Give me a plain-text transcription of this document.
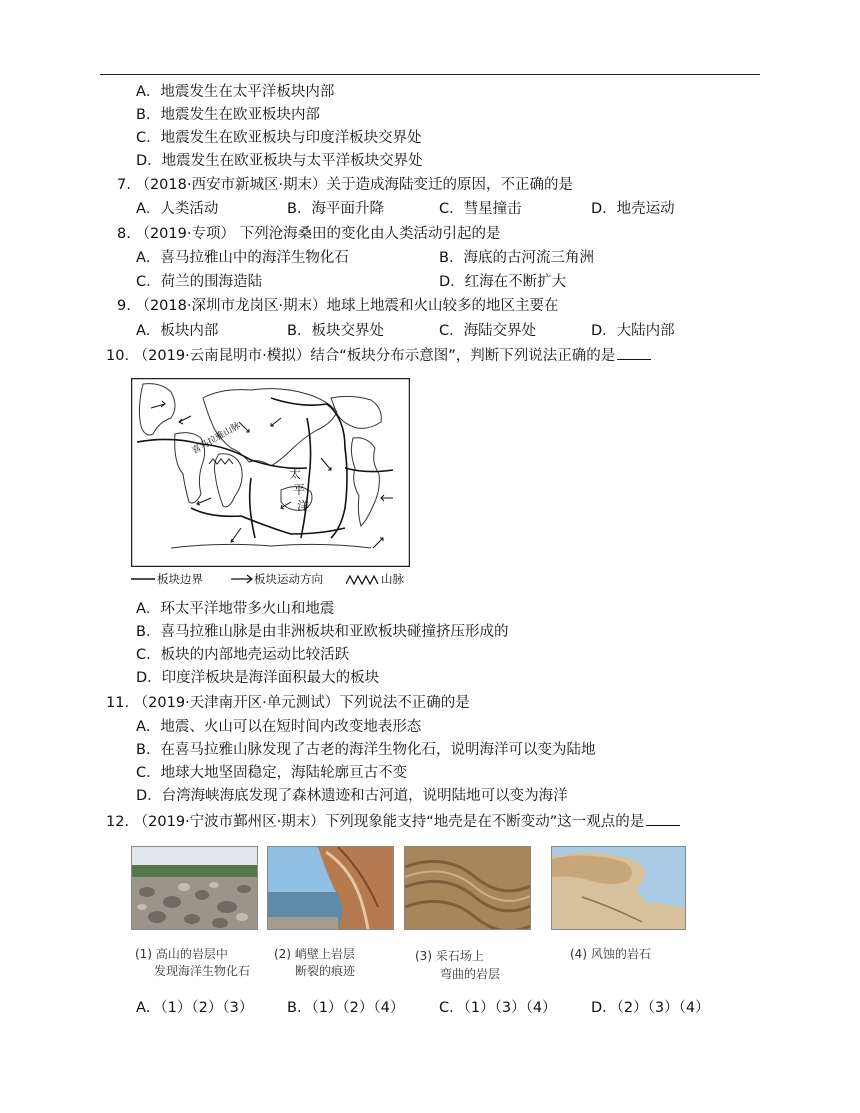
A．地震发生在太平洋板块内部
B．地震发生在欧亚板块内部
C．地震发生在欧亚板块与印度洋板块交界处
D．地震发生在欧亚板块与太平洋板块交界处
7. （2018·西安市新城区·期末）关于造成海陆变迁的原因，不正确的是
A．人类活动	B．海平面升降	C．彗星撞击	D．地壳运动
8. （2019·专项） 下列沧海桑田的变化由人类活动引起的是
A．喜马拉雅山中的海洋生物化石	B．海底的古河流三角洲
C．荷兰的围海造陆	D．红海在不断扩大
9. （2018·深圳市龙岗区·期末）地球上地震和火山较多的地区主要在
A．板块内部	B．板块交界处	C．海陆交界处	D．大陆内部
10. （2019·云南昆明市·模拟）结合“板块分布示意图”，判断下列说法正确的是
喜马拉雅山脉
太
平
洋
板块边界	板块运动方向	山脉
A．环太平洋地带多火山和地震
B．喜马拉雅山脉是由非洲板块和亚欧板块碰撞挤压形成的
C．板块的内部地壳运动比较活跃
D．印度洋板块是海洋面积最大的板块
11. （2019·天津南开区·单元测试）下列说法不正确的是
A．地震、火山可以在短时间内改变地表形态
B．在喜马拉雅山脉发现了古老的海洋生物化石，说明海洋可以变为陆地
C．地球大地坚固稳定，海陆轮廓亘古不变
D．台湾海峡海底发现了森林遗迹和古河道，说明陆地可以变为海洋
12. （2019·宁波市鄞州区·期末）下列现象能支持“地壳是在不断变动”这一观点的是
(1) 高山的岩层中
发现海洋生物化石
(2) 峭壁上岩层
断裂的痕迹
(3) 采石场上
弯曲的岩层
(4) 风蚀的岩石
A．（1）（2）（3） B．（1）（2）（4） C．（1）（3）（4） D．（2）（3）（4）
